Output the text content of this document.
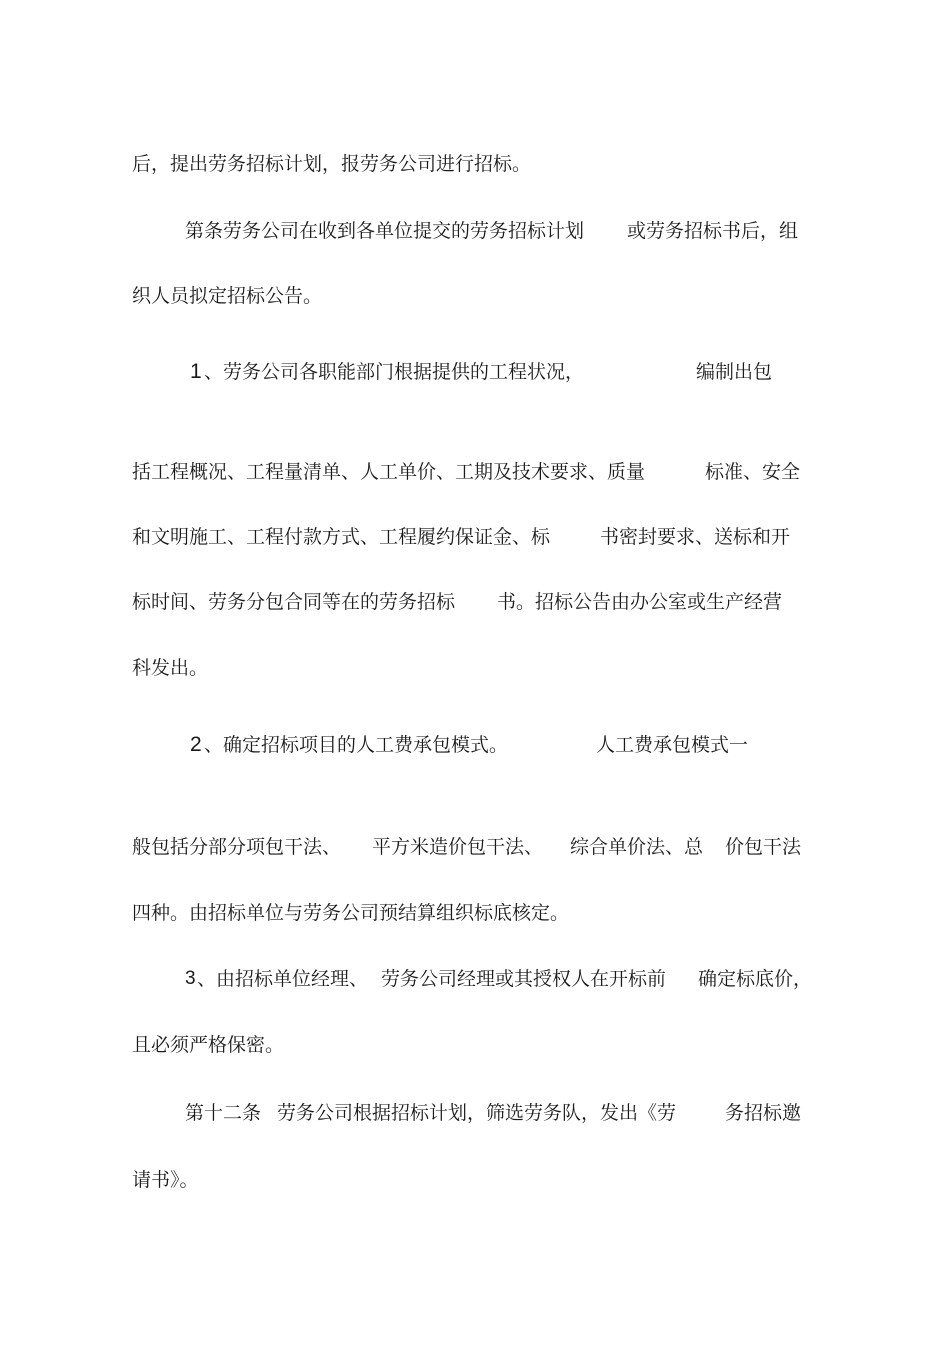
后，提出劳务招标计划，报劳务公司进行招标。
第条劳务公司在收到各单位提交的劳务招标计划 或劳务招标书后，组
织人员拟定招标公告。
1 、劳务公司各职能部门根据提供的工程状况，	编制出包
括工程概况、工程量清单、人工单价、工期及技术要求、质量	标准、安全
和文明施工、工程付款方式、工程履约保证金、标	书密封要求、送标和开
标时间、劳务分包合同等在的劳务招标 书。招标公告由办公室或生产经营
科发出。
2 、确定招标项目的人工费承包模式。	人工费承包模式一
般包括分部分项包干法、 平方米造价包干法、 综合单价法、总 价包干法
四种。由招标单位与劳务公司预结算组织标底核定。
3 、由招标单位经理、 劳务公司经理或其授权人在开标前 确定标底价，
且必须严格保密。
第十二条 劳务公司根据招标计划，筛选劳务队，发出《劳	务招标邀
请书》。
